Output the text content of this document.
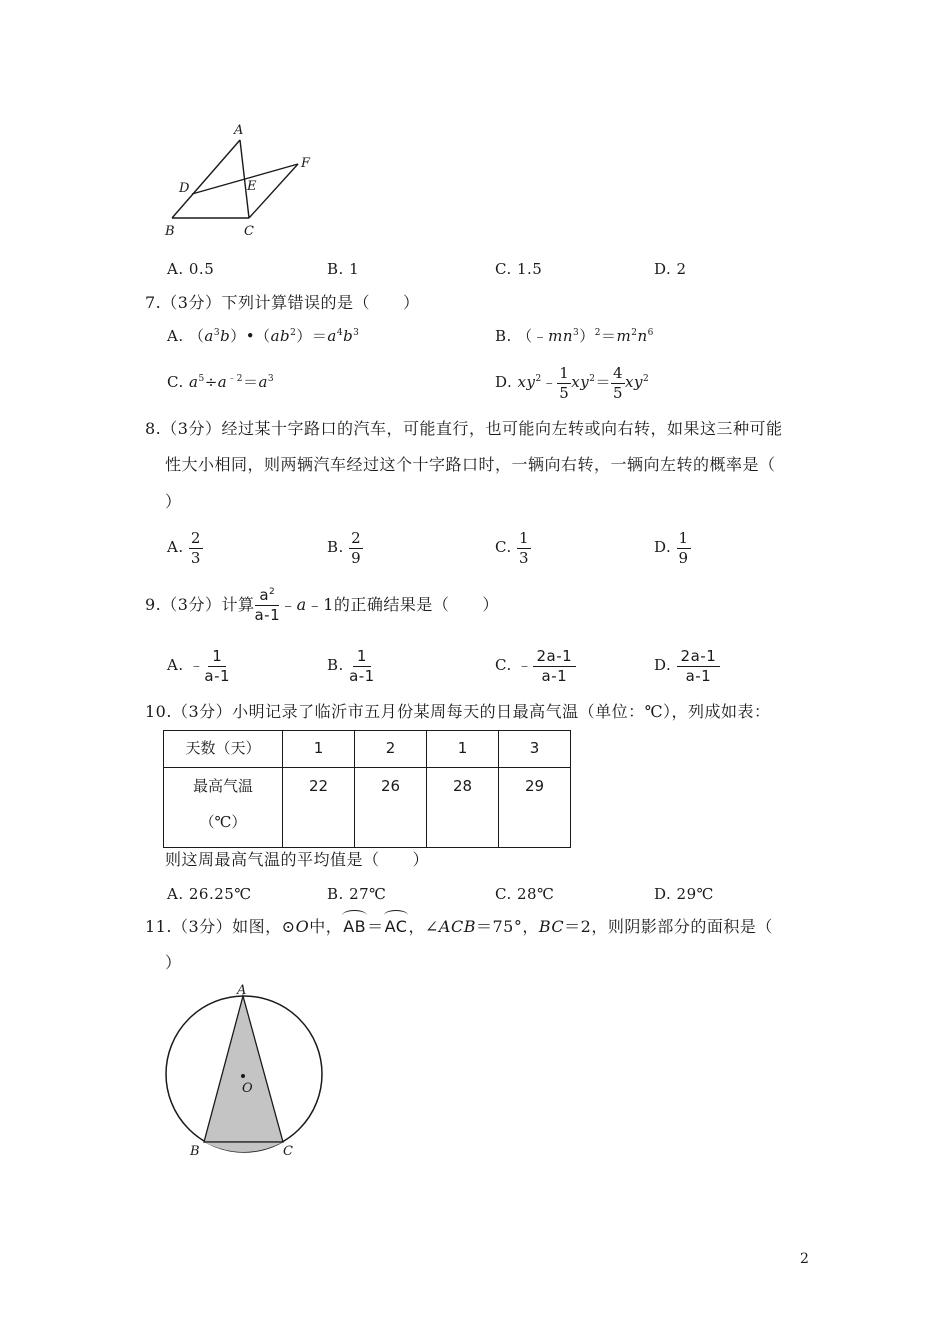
A
D	E
F
B	C
A. 0.5	B. 1	C. 1.5	D. 2
7.（3分）下列计算错误的是（　　）
A. $(a^3b)•(ab^2)=a^4b^3$	B. $(﹣mn^3)^2=m^2n^6$
C. $a^5\div a^{﹣2}=a^3$	D. $xy^2﹣ \frac{1}{5} xy^2= \frac{4}{5} xy^2$
8.（3分）经过某十字路口的汽车，可能直行，也可能向左转或向右转，如果这三种可能
性大小相同，则两辆汽车经过这个十字路口时，一辆向右转，一辆向左转的概率是（
）
A. $\frac{2}{3}$	B. $\frac{2}{9}$	C. $\frac{1}{3}$	D. $\frac{1}{9}$
9.（3分）计算 $\frac{a^2}{a-1}$ ﹣a﹣1的正确结果是（　　）
A. ﹣ $\frac{1}{a-1}$	B. $\frac{1}{a-1}$	C. ﹣ $\frac{2a-1}{a-1}$	D. $\frac{2a-1}{a-1}$
10.（3分）小明记录了临沂市五月份某周每天的日最高气温（单位：℃），列成如表：
天数（天）	1	2	1	3
最高气温
（℃）	22	26	28	29
则这周最高气温的平均值是（　　）
A. 26.25℃	B. 27℃	C. 28℃	D. 29℃
11.（3分）如图，⊙O中，AB＝AC，∠ACB＝75°，BC＝2，则阴影部分的面积是（
）
A
O
B	C
2
